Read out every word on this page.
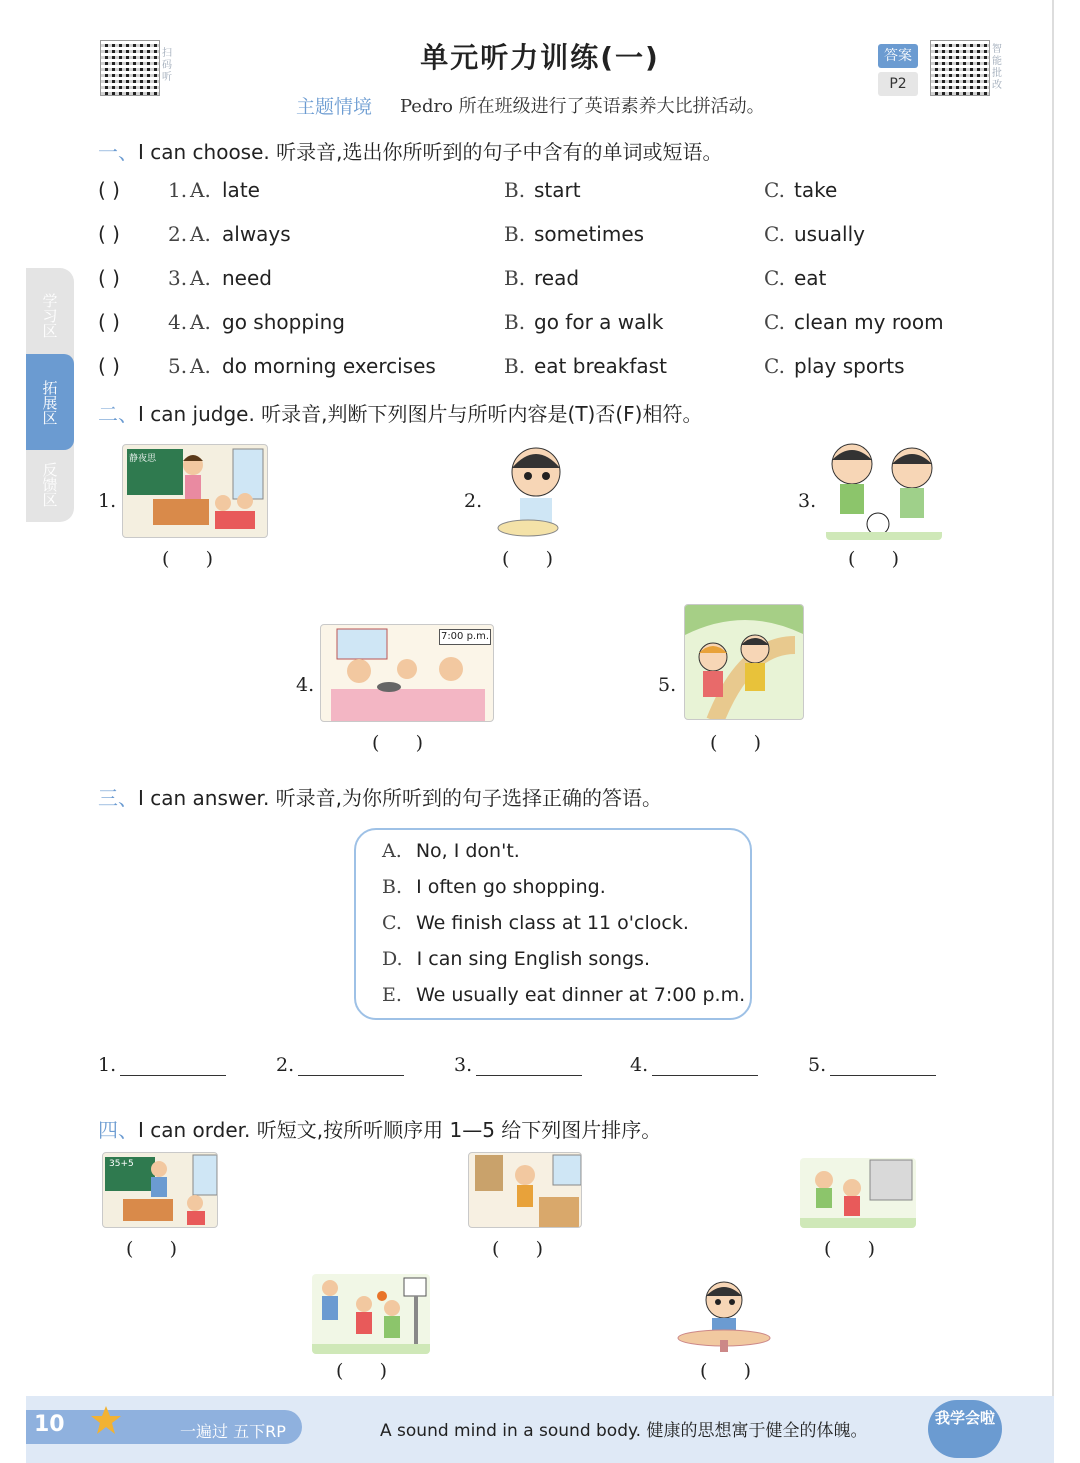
扫码听
单元听力训练(一)
主题情境 Pedro 所在班级进行了英语素养大比拼活动。
答案
P2
智能批改
学习区
拓展区
反馈区
一、I can choose. 听录音,选出你所听到的句子中含有的单词或短语。
( ) 1. A. late	B. start	C. take
( ) 2. A. always	B. sometimes	C. usually
( ) 3. A. need	B. read	C. eat
( ) 4. A. go shopping	B. go for a walk	C. clean my room
( ) 5. A. do morning exercises	B. eat breakfast	C. play sports
二、I can judge. 听录音,判断下列图片与所听内容是(T)否(F)相符。
1.
静夜思
(      )
2.
(      )
3.
(      )
4.
7:00 p.m.
(      )
5.
(      )
三、I can answer. 听录音,为你所听到的句子选择正确的答语。
A. No, I don't.
B. I often go shopping.
C. We finish class at 11 o'clock.
D. I can sing English songs.
E. We usually eat dinner at 7:00 p.m.
1.	2.	3.	4.	5.
四、I can order. 听短文,按所听顺序用 1—5 给下列图片排序。
35+5
(      )	(      )	(      )
(      )	(      )
10	一遍过 五下RP	A sound mind in a sound body. 健康的思想寓于健全的体魄。
我学会啦
